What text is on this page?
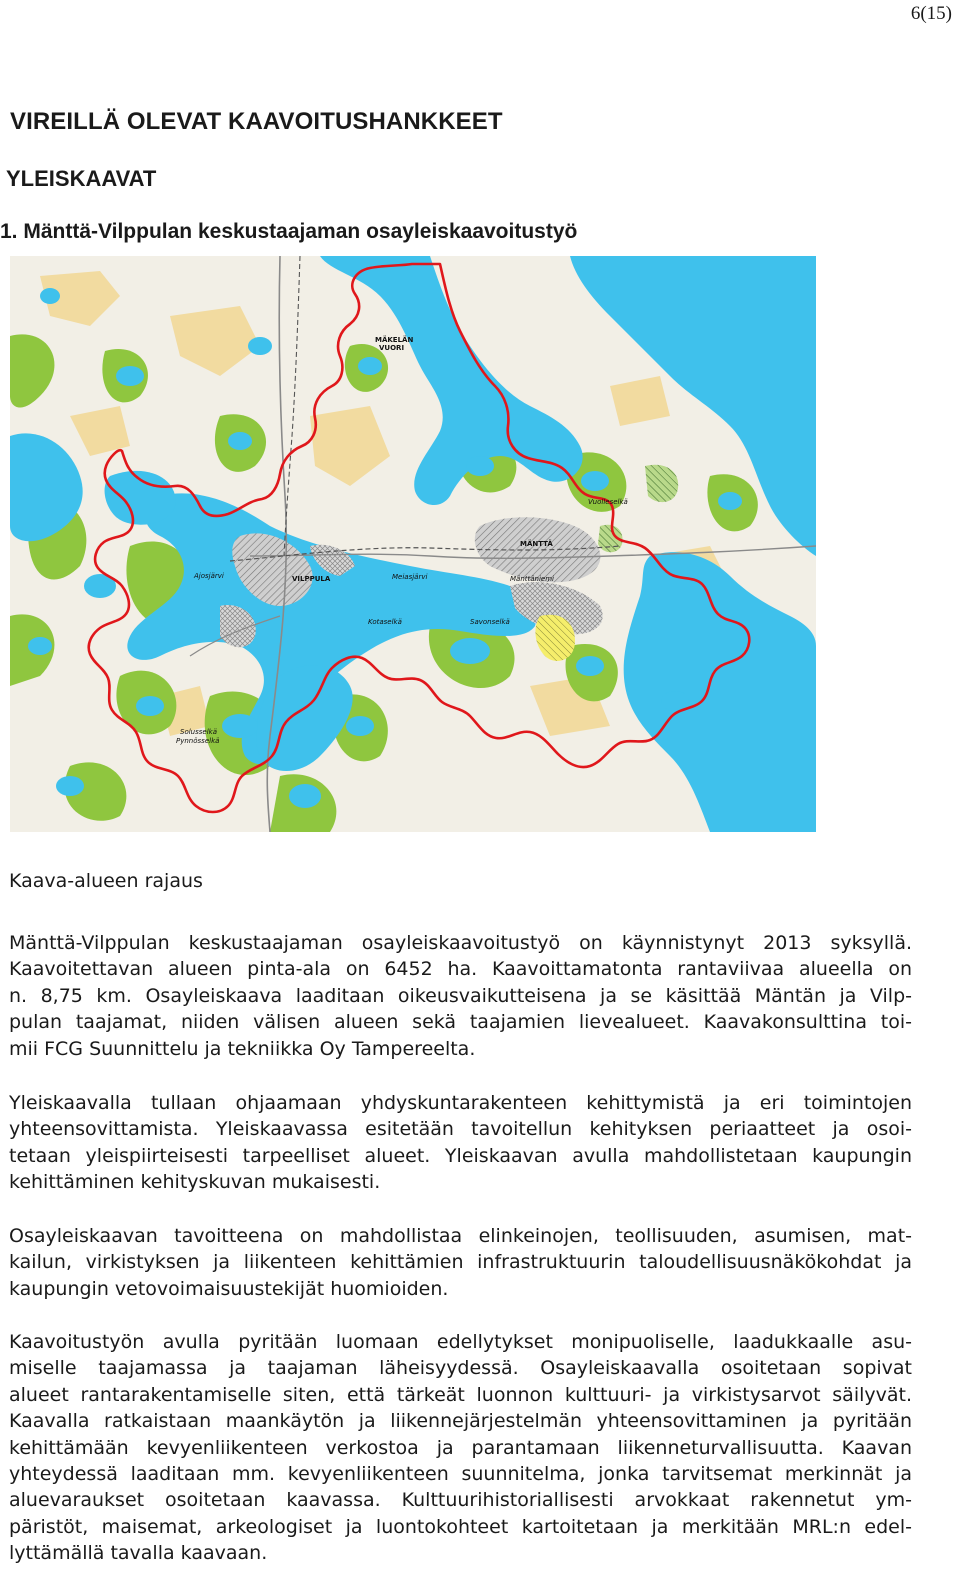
6(15)
VIREILLÄ OLEVAT KAAVOITUSHANKKEET
YLEISKAAVAT
1. Mänttä-Vilppulan keskustaajaman osayleiskaavoitustyö
MÄKELÄN
VUORI
Vuolleselkä
MÄNTTÄ
Ajosjärvi	VILPPULA	Meiasjärvi	Mänttäniemi
Kotaselkä	Savonselkä
Solusselkä
Pynnösselkä
Kaava-alueen rajaus
Mänttä-Vilppulan keskustaajaman osayleiskaavoitustyö on käynnistynyt 2013 syksyllä.
Kaavoitettavan alueen pinta-ala on 6452 ha. Kaavoittamatonta rantaviivaa alueella on
n. 8,75 km. Osayleiskaava laaditaan oikeusvaikutteisena ja se käsittää Mäntän ja Vilp-
pulan taajamat, niiden välisen alueen sekä taajamien lievealueet. Kaavakonsulttina toi-
mii FCG Suunnittelu ja tekniikka Oy Tampereelta.
Yleiskaavalla tullaan ohjaamaan yhdyskuntarakenteen kehittymistä ja eri toimintojen
yhteensovittamista. Yleiskaavassa esitetään tavoitellun kehityksen periaatteet ja osoi-
tetaan yleispiirteisesti tarpeelliset alueet. Yleiskaavan avulla mahdollistetaan kaupungin
kehittäminen kehityskuvan mukaisesti.
Osayleiskaavan tavoitteena on mahdollistaa elinkeinojen, teollisuuden, asumisen, mat-
kailun, virkistyksen ja liikenteen kehittämien infrastruktuurin taloudellisuusnäkökohdat ja
kaupungin vetovoimaisuustekijät huomioiden.
Kaavoitustyön avulla pyritään luomaan edellytykset monipuoliselle, laadukkaalle asu-
miselle taajamassa ja taajaman läheisyydessä. Osayleiskaavalla osoitetaan sopivat
alueet rantarakentamiselle siten, että tärkeät luonnon kulttuuri- ja virkistysarvot säilyvät.
Kaavalla ratkaistaan maankäytön ja liikennejärjestelmän yhteensovittaminen ja pyritään
kehittämään kevyenliikenteen verkostoa ja parantamaan liikenneturvallisuutta. Kaavan
yhteydessä laaditaan mm. kevyenliikenteen suunnitelma, jonka tarvitsemat merkinnät ja
aluevaraukset osoitetaan kaavassa. Kulttuurihistoriallisesti arvokkaat rakennetut ym-
päristöt, maisemat, arkeologiset ja luontokohteet kartoitetaan ja merkitään MRL:n edel-
lyttämällä tavalla kaavaan.
